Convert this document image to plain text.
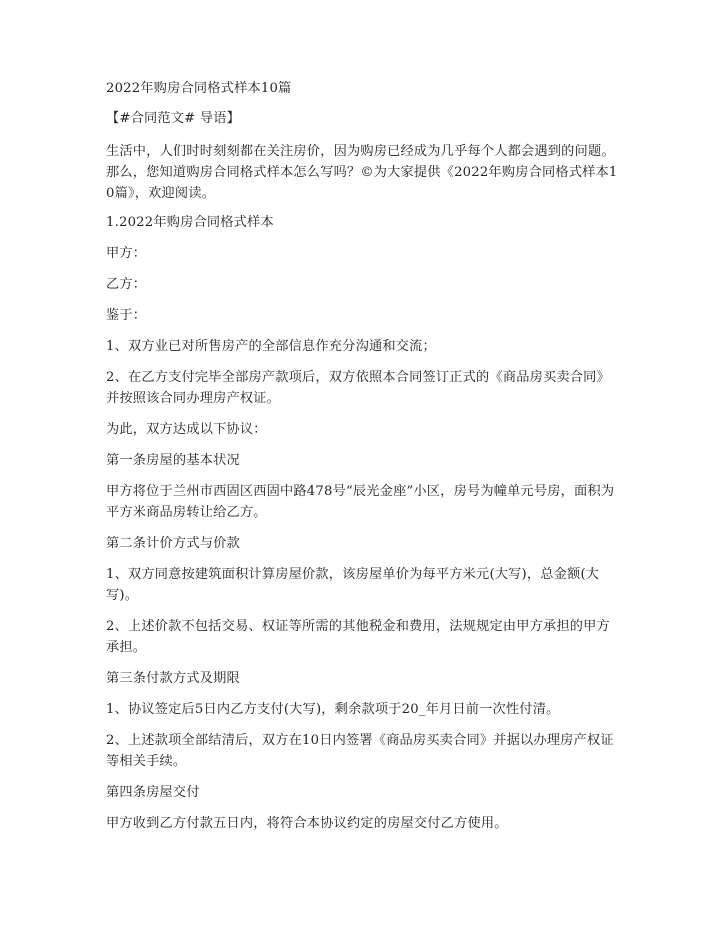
2022年购房合同格式样本10篇

【#合同范文# 导语】

生活中，人们时时刻刻都在关注房价，因为购房已经成为几乎每个人都会遇到的问题。那么，您知道购房合同格式样本怎么写吗？©为大家提供《2022年购房合同格式样本10篇》，欢迎阅读。

1.2022年购房合同格式样本

甲方：

乙方：

鉴于：

1、双方业已对所售房产的全部信息作充分沟通和交流；

2、在乙方支付完毕全部房产款项后，双方依照本合同签订正式的《商品房买卖合同》并按照该合同办理房产权证。

为此，双方达成以下协议：

第一条房屋的基本状况

甲方将位于兰州市西固区西固中路478号“辰光金座”小区，房号为幢单元号房，面积为平方米商品房转让给乙方。

第二条计价方式与价款

1、双方同意按建筑面积计算房屋价款，该房屋单价为每平方米元(大写)，总金额(大写)。

2、上述价款不包括交易、权证等所需的其他税金和费用，法规规定由甲方承担的甲方承担。

第三条付款方式及期限

1、协议签定后5日内乙方支付(大写)，剩余款项于20_年月日前一次性付清。

2、上述款项全部结清后，双方在10日内签署《商品房买卖合同》并据以办理房产权证等相关手续。

第四条房屋交付

甲方收到乙方付款五日内，将符合本协议约定的房屋交付乙方使用。
